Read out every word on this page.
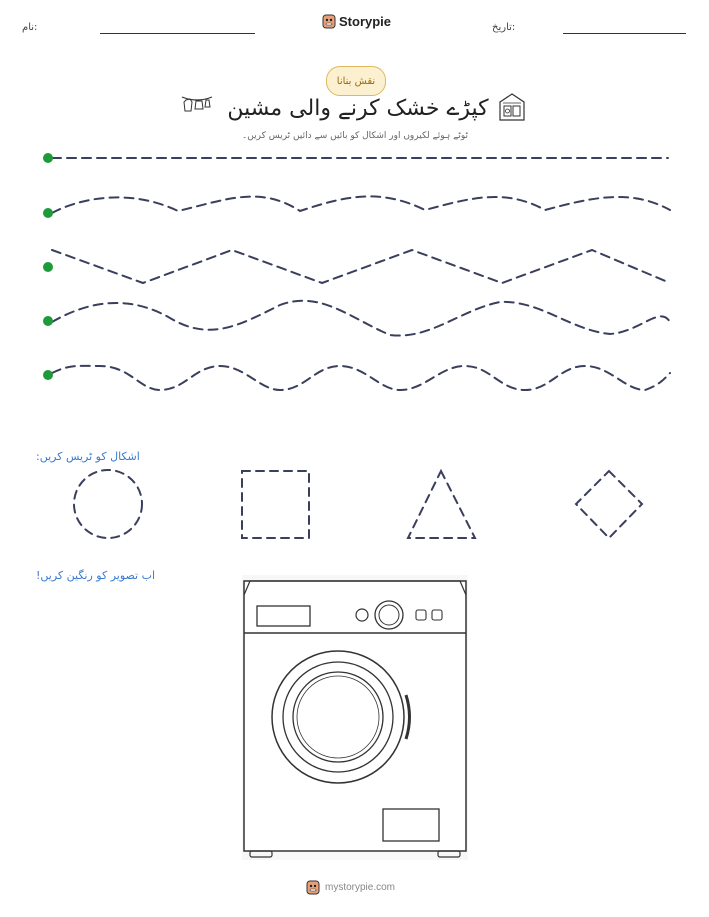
نام:	Storypie	تاریخ:
نقش بنانا
کپڑے خشک کرنے والی مشین
ٹوٹے ہوئے لکیروں اور اشکال کو بائیں سے دائیں ٹریس کریں۔
اشکال کو ٹریس کریں:
اب تصویر کو رنگین کریں!
mystorypie.com
